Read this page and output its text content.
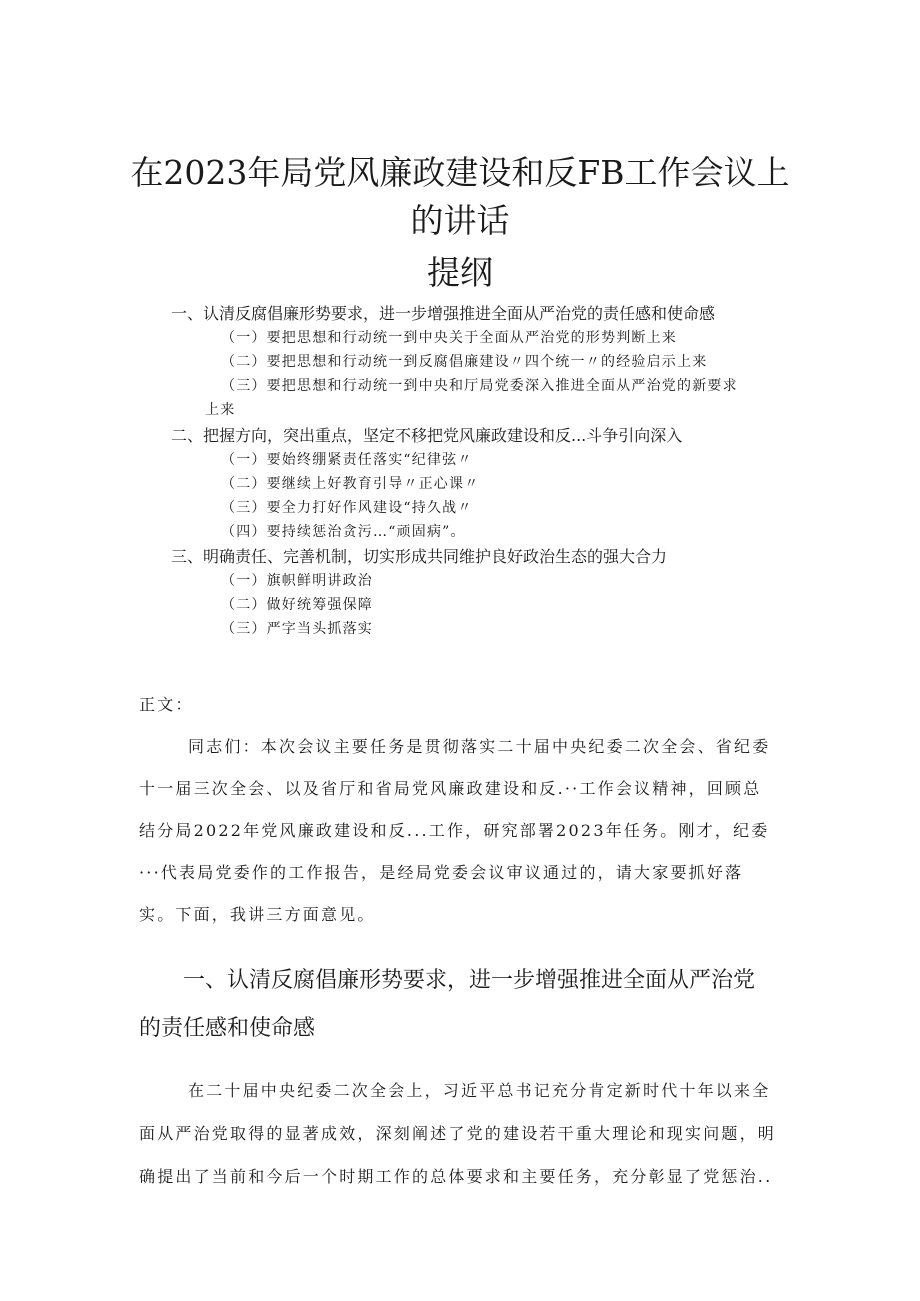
在2023年局党风廉政建设和反FB工作会议上
的讲话
提纲
一、认清反腐倡廉形势要求，进一步增强推进全面从严治党的责任感和使命感
（一）要把思想和行动统一到中央关于全面从严治党的形势判断上来
（二）要把思想和行动统一到反腐倡廉建设〃四个统一〃的经验启示上来
（三）要把思想和行动统一到中央和厅局党委深入推进全面从严治党的新要求
上来
二、把握方向，突出重点，坚定不移把党风廉政建设和反...斗争引向深入
（一）要始终绷紧责任落实“纪律弦〃
（二）要继续上好教育引导〃正心课〃
（三）要全力打好作风建设“持久战〃
（四）要持续惩治贪污…“顽固病”。
三、明确责任、完善机制，切实形成共同维护良好政治生态的强大合力
（一）旗帜鲜明讲政治
（二）做好统筹强保障
（三）严字当头抓落实
正文：
同志们：本次会议主要任务是贯彻落实二十届中央纪委二次全会、省纪委
十一届三次全会、以及省厅和省局党风廉政建设和反.··工作会议精神，回顾总
结分局2022年党风廉政建设和反...工作，研究部署2023年任务。刚才，纪委
···代表局党委作的工作报告，是经局党委会议审议通过的，请大家要抓好落
实。下面，我讲三方面意见。
一、认清反腐倡廉形势要求，进一步增强推进全面从严治党
的责任感和使命感
在二十届中央纪委二次全会上，习近平总书记充分肯定新时代十年以来全
面从严治党取得的显著成效，深刻阐述了党的建设若干重大理论和现实问题，明
确提出了当前和今后一个时期工作的总体要求和主要任务，充分彰显了党惩治..
